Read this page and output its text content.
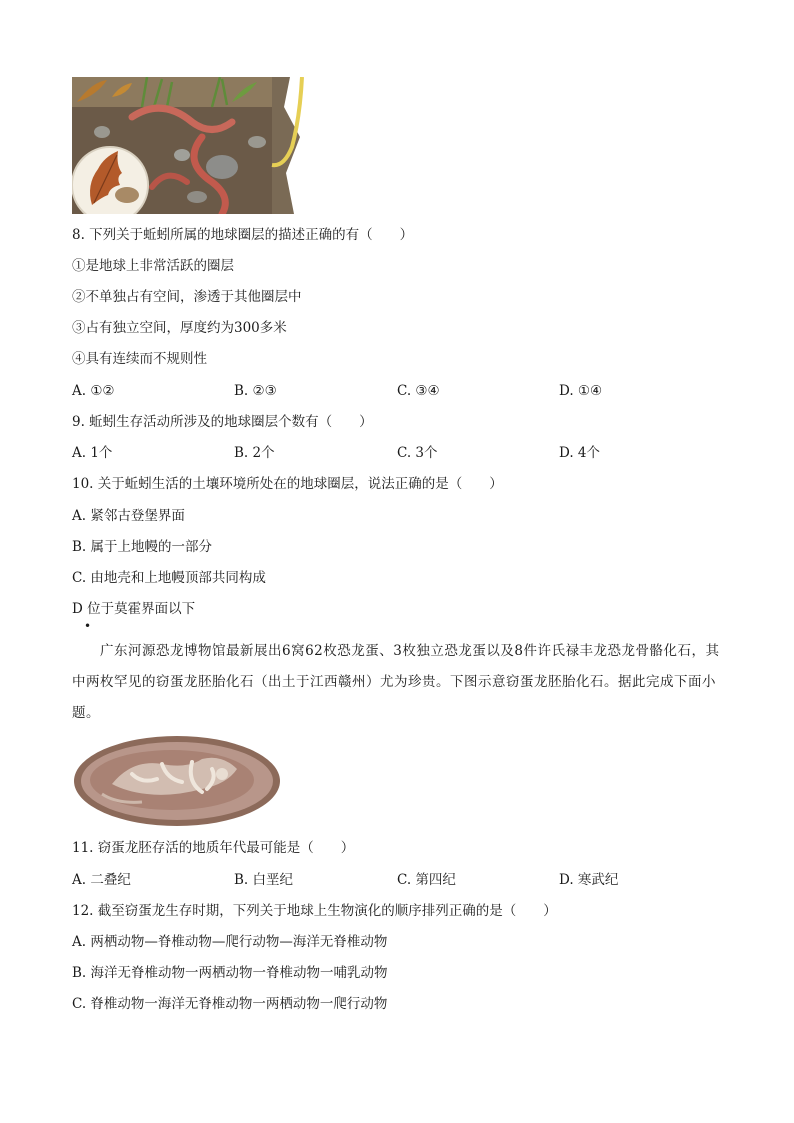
8. 下列关于蚯蚓所属的地球圈层的描述正确的有（　　）
①是地球上非常活跃的圈层
②不单独占有空间，渗透于其他圈层中
③占有独立空间，厚度约为300多米
④具有连续而不规则性
A. ①②	B. ②③	C. ③④	D. ①④
9. 蚯蚓生存活动所涉及的地球圈层个数有（　　）
A. 1个	B. 2个	C. 3个	D. 4个
10. 关于蚯蚓生活的土壤环境所处在的地球圈层，说法正确的是（　　）
A. 紧邻古登堡界面
B. 属于上地幔的一部分
C. 由地壳和上地幔顶部共同构成
D 位于莫霍界面以下
•
广东河源恐龙博物馆最新展出6窝62枚恐龙蛋、3枚独立恐龙蛋以及8件许氏禄丰龙恐龙骨骼化石，其中两枚罕见的窃蛋龙胚胎化石（出土于江西赣州）尤为珍贵。下图示意窃蛋龙胚胎化石。据此完成下面小题。
11. 窃蛋龙胚存活的地质年代最可能是（　　）
A. 二叠纪	B. 白垩纪	C. 第四纪	D. 寒武纪
12. 截至窃蛋龙生存时期，下列关于地球上生物演化的顺序排列正确的是（　　）
A. 两栖动物—脊椎动物—爬行动物—海洋无脊椎动物
B. 海洋无脊椎动物一两栖动物一脊椎动物一哺乳动物
C. 脊椎动物一海洋无脊椎动物一两栖动物一爬行动物
